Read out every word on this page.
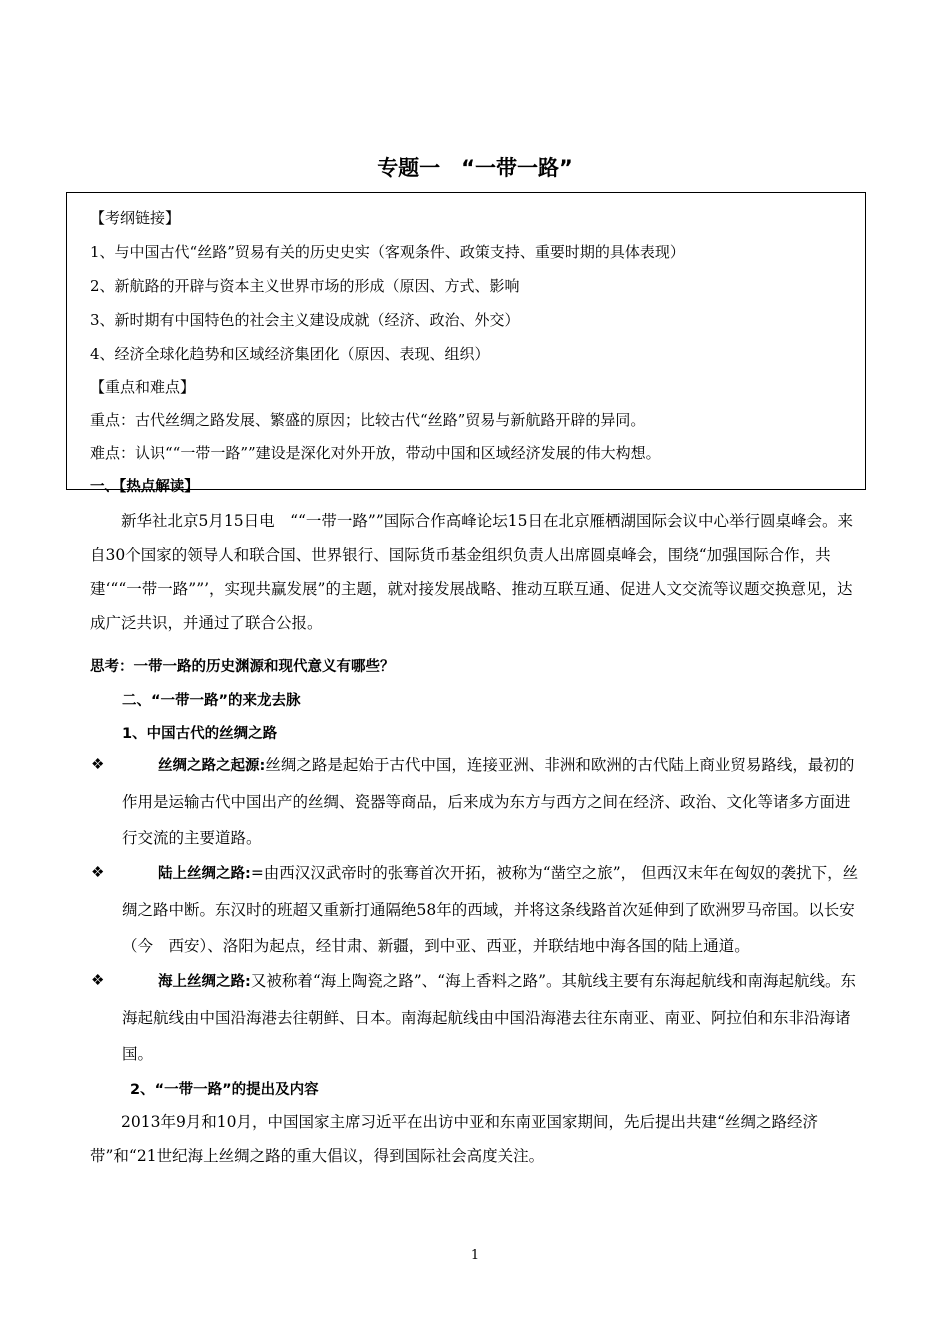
专题一　“一带一路”
【考纲链接】
1、与中国古代“丝路”贸易有关的历史史实（客观条件、政策支持、重要时期的具体表现）
2、新航路的开辟与资本主义世界市场的形成（原因、方式、影响
3、新时期有中国特色的社会主义建设成就（经济、政治、外交）
4、经济全球化趋势和区域经济集团化（原因、表现、组织）
【重点和难点】
重点：古代丝绸之路发展、繁盛的原因；比较古代“丝路”贸易与新航路开辟的异同。
难点：认识““一带一路””建设是深化对外开放，带动中国和区域经济发展的伟大构想。
一、【热点解读】
新华社北京5月15日电　““一带一路””国际合作高峰论坛15日在北京雁栖湖国际会议中心举行圆桌峰会。来自30个国家的领导人和联合国、世界银行、国际货币基金组织负责人出席圆桌峰会，围绕“加强国际合作，共建‘““一带一路””’，实现共赢发展”的主题，就对接发展战略、推动互联互通、促进人文交流等议题交换意见，达成广泛共识，并通过了联合公报。
思考：一带一路的历史渊源和现代意义有哪些？
二、“一带一路”的来龙去脉
1、中国古代的丝绸之路
❖	丝绸之路之起源:丝绸之路是起始于古代中国，连接亚洲、非洲和欧洲的古代陆上商业贸易路线，最初的作用是运输古代中国出产的丝绸、瓷器等商品，后来成为东方与西方之间在经济、政治、文化等诸多方面进行交流的主要道路。
❖	陆上丝绸之路:=由西汉汉武帝时的张骞首次开拓，被称为“凿空之旅”， 但西汉末年在匈奴的袭扰下，丝绸之路中断。东汉时的班超又重新打通隔绝58年的西域，并将这条线路首次延伸到了欧洲罗马帝国。以长安（今　西安）、洛阳为起点，经甘肃、新疆，到中亚、西亚，并联结地中海各国的陆上通道。
❖	海上丝绸之路:又被称着“海上陶瓷之路”、“海上香料之路”。其航线主要有东海起航线和南海起航线。东海起航线由中国沿海港去往朝鲜、日本。南海起航线由中国沿海港去往东南亚、南亚、阿拉伯和东非沿海诸国。
2、“一带一路”的提出及内容
2013年9月和10月，中国国家主席习近平在出访中亚和东南亚国家期间，先后提出共建“丝绸之路经济带”和“21世纪海上丝绸之路的重大倡议，得到国际社会高度关注。
1
